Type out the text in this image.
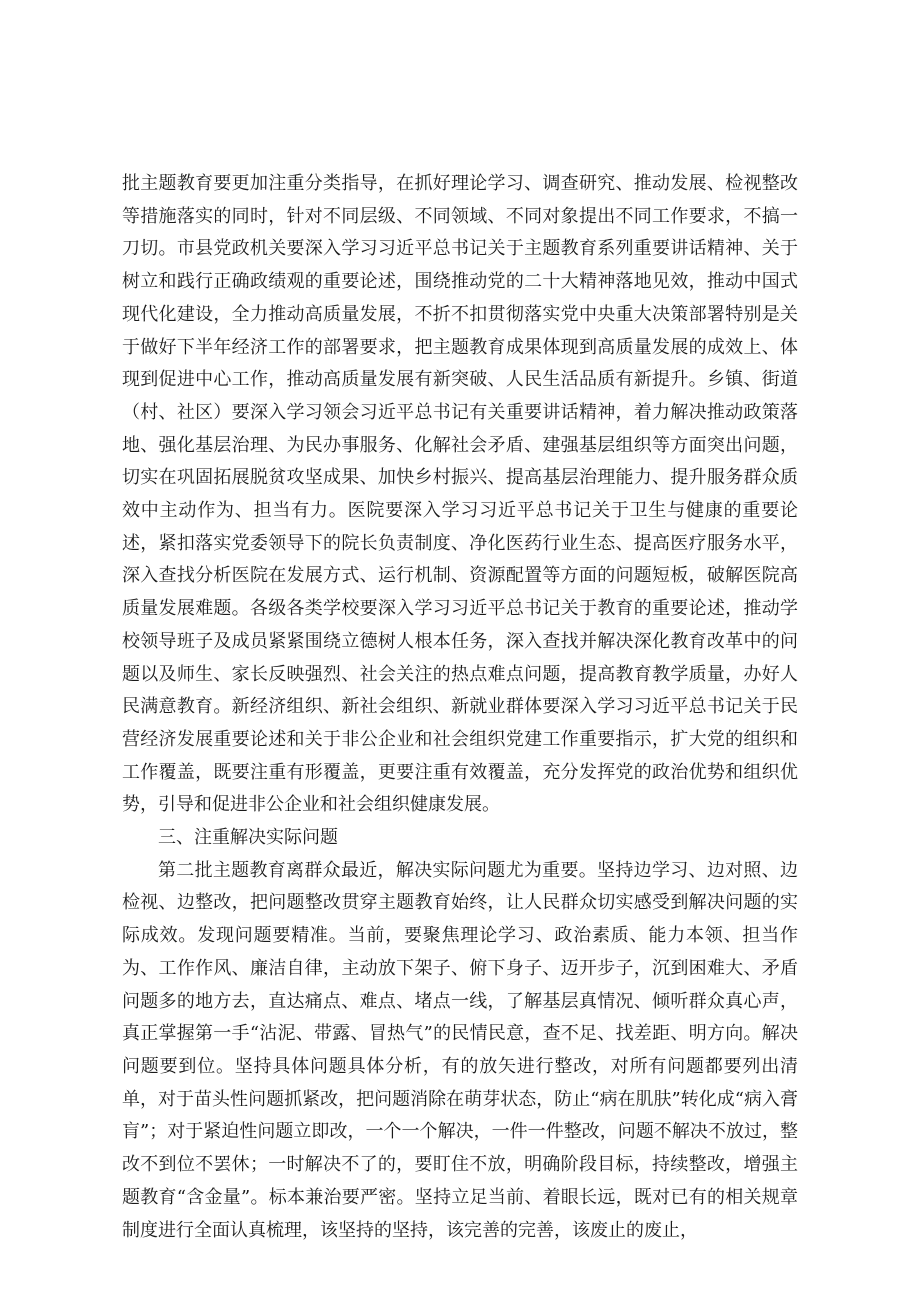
批主题教育要更加注重分类指导，在抓好理论学习、调查研究、推动发展、检视整改等措施落实的同时，针对不同层级、不同领域、不同对象提出不同工作要求，不搞一刀切。市县党政机关要深入学习习近平总书记关于主题教育系列重要讲话精神、关于树立和践行正确政绩观的重要论述，围绕推动党的二十大精神落地见效，推动中国式现代化建设，全力推动高质量发展，不折不扣贯彻落实党中央重大决策部署特别是关于做好下半年经济工作的部署要求，把主题教育成果体现到高质量发展的成效上、体现到促进中心工作，推动高质量发展有新突破、人民生活品质有新提升。乡镇、街道（村、社区）要深入学习领会习近平总书记有关重要讲话精神，着力解决推动政策落地、强化基层治理、为民办事服务、化解社会矛盾、建强基层组织等方面突出问题，切实在巩固拓展脱贫攻坚成果、加快乡村振兴、提高基层治理能力、提升服务群众质效中主动作为、担当有力。医院要深入学习习近平总书记关于卫生与健康的重要论述，紧扣落实党委领导下的院长负责制度、净化医药行业生态、提高医疗服务水平，深入查找分析医院在发展方式、运行机制、资源配置等方面的问题短板，破解医院高质量发展难题。各级各类学校要深入学习习近平总书记关于教育的重要论述，推动学校领导班子及成员紧紧围绕立德树人根本任务，深入查找并解决深化教育改革中的问题以及师生、家长反映强烈、社会关注的热点难点问题，提高教育教学质量，办好人民满意教育。新经济组织、新社会组织、新就业群体要深入学习习近平总书记关于民营经济发展重要论述和关于非公企业和社会组织党建工作重要指示，扩大党的组织和工作覆盖，既要注重有形覆盖，更要注重有效覆盖，充分发挥党的政治优势和组织优势，引导和促进非公企业和社会组织健康发展。

三、注重解决实际问题

第二批主题教育离群众最近，解决实际问题尤为重要。坚持边学习、边对照、边检视、边整改，把问题整改贯穿主题教育始终，让人民群众切实感受到解决问题的实际成效。发现问题要精准。当前，要聚焦理论学习、政治素质、能力本领、担当作为、工作作风、廉洁自律，主动放下架子、俯下身子、迈开步子，沉到困难大、矛盾问题多的地方去，直达痛点、难点、堵点一线，了解基层真情况、倾听群众真心声，真正掌握第一手“沾泥、带露、冒热气”的民情民意，查不足、找差距、明方向。解决问题要到位。坚持具体问题具体分析，有的放矢进行整改，对所有问题都要列出清单，对于苗头性问题抓紧改，把问题消除在萌芽状态，防止“病在肌肤”转化成“病入膏肓”；对于紧迫性问题立即改，一个一个解决，一件一件整改，问题不解决不放过，整改不到位不罢休；一时解决不了的，要盯住不放，明确阶段目标，持续整改，增强主题教育“含金量”。标本兼治要严密。坚持立足当前、着眼长远，既对已有的相关规章制度进行全面认真梳理，该坚持的坚持，该完善的完善，该废止的废止，
